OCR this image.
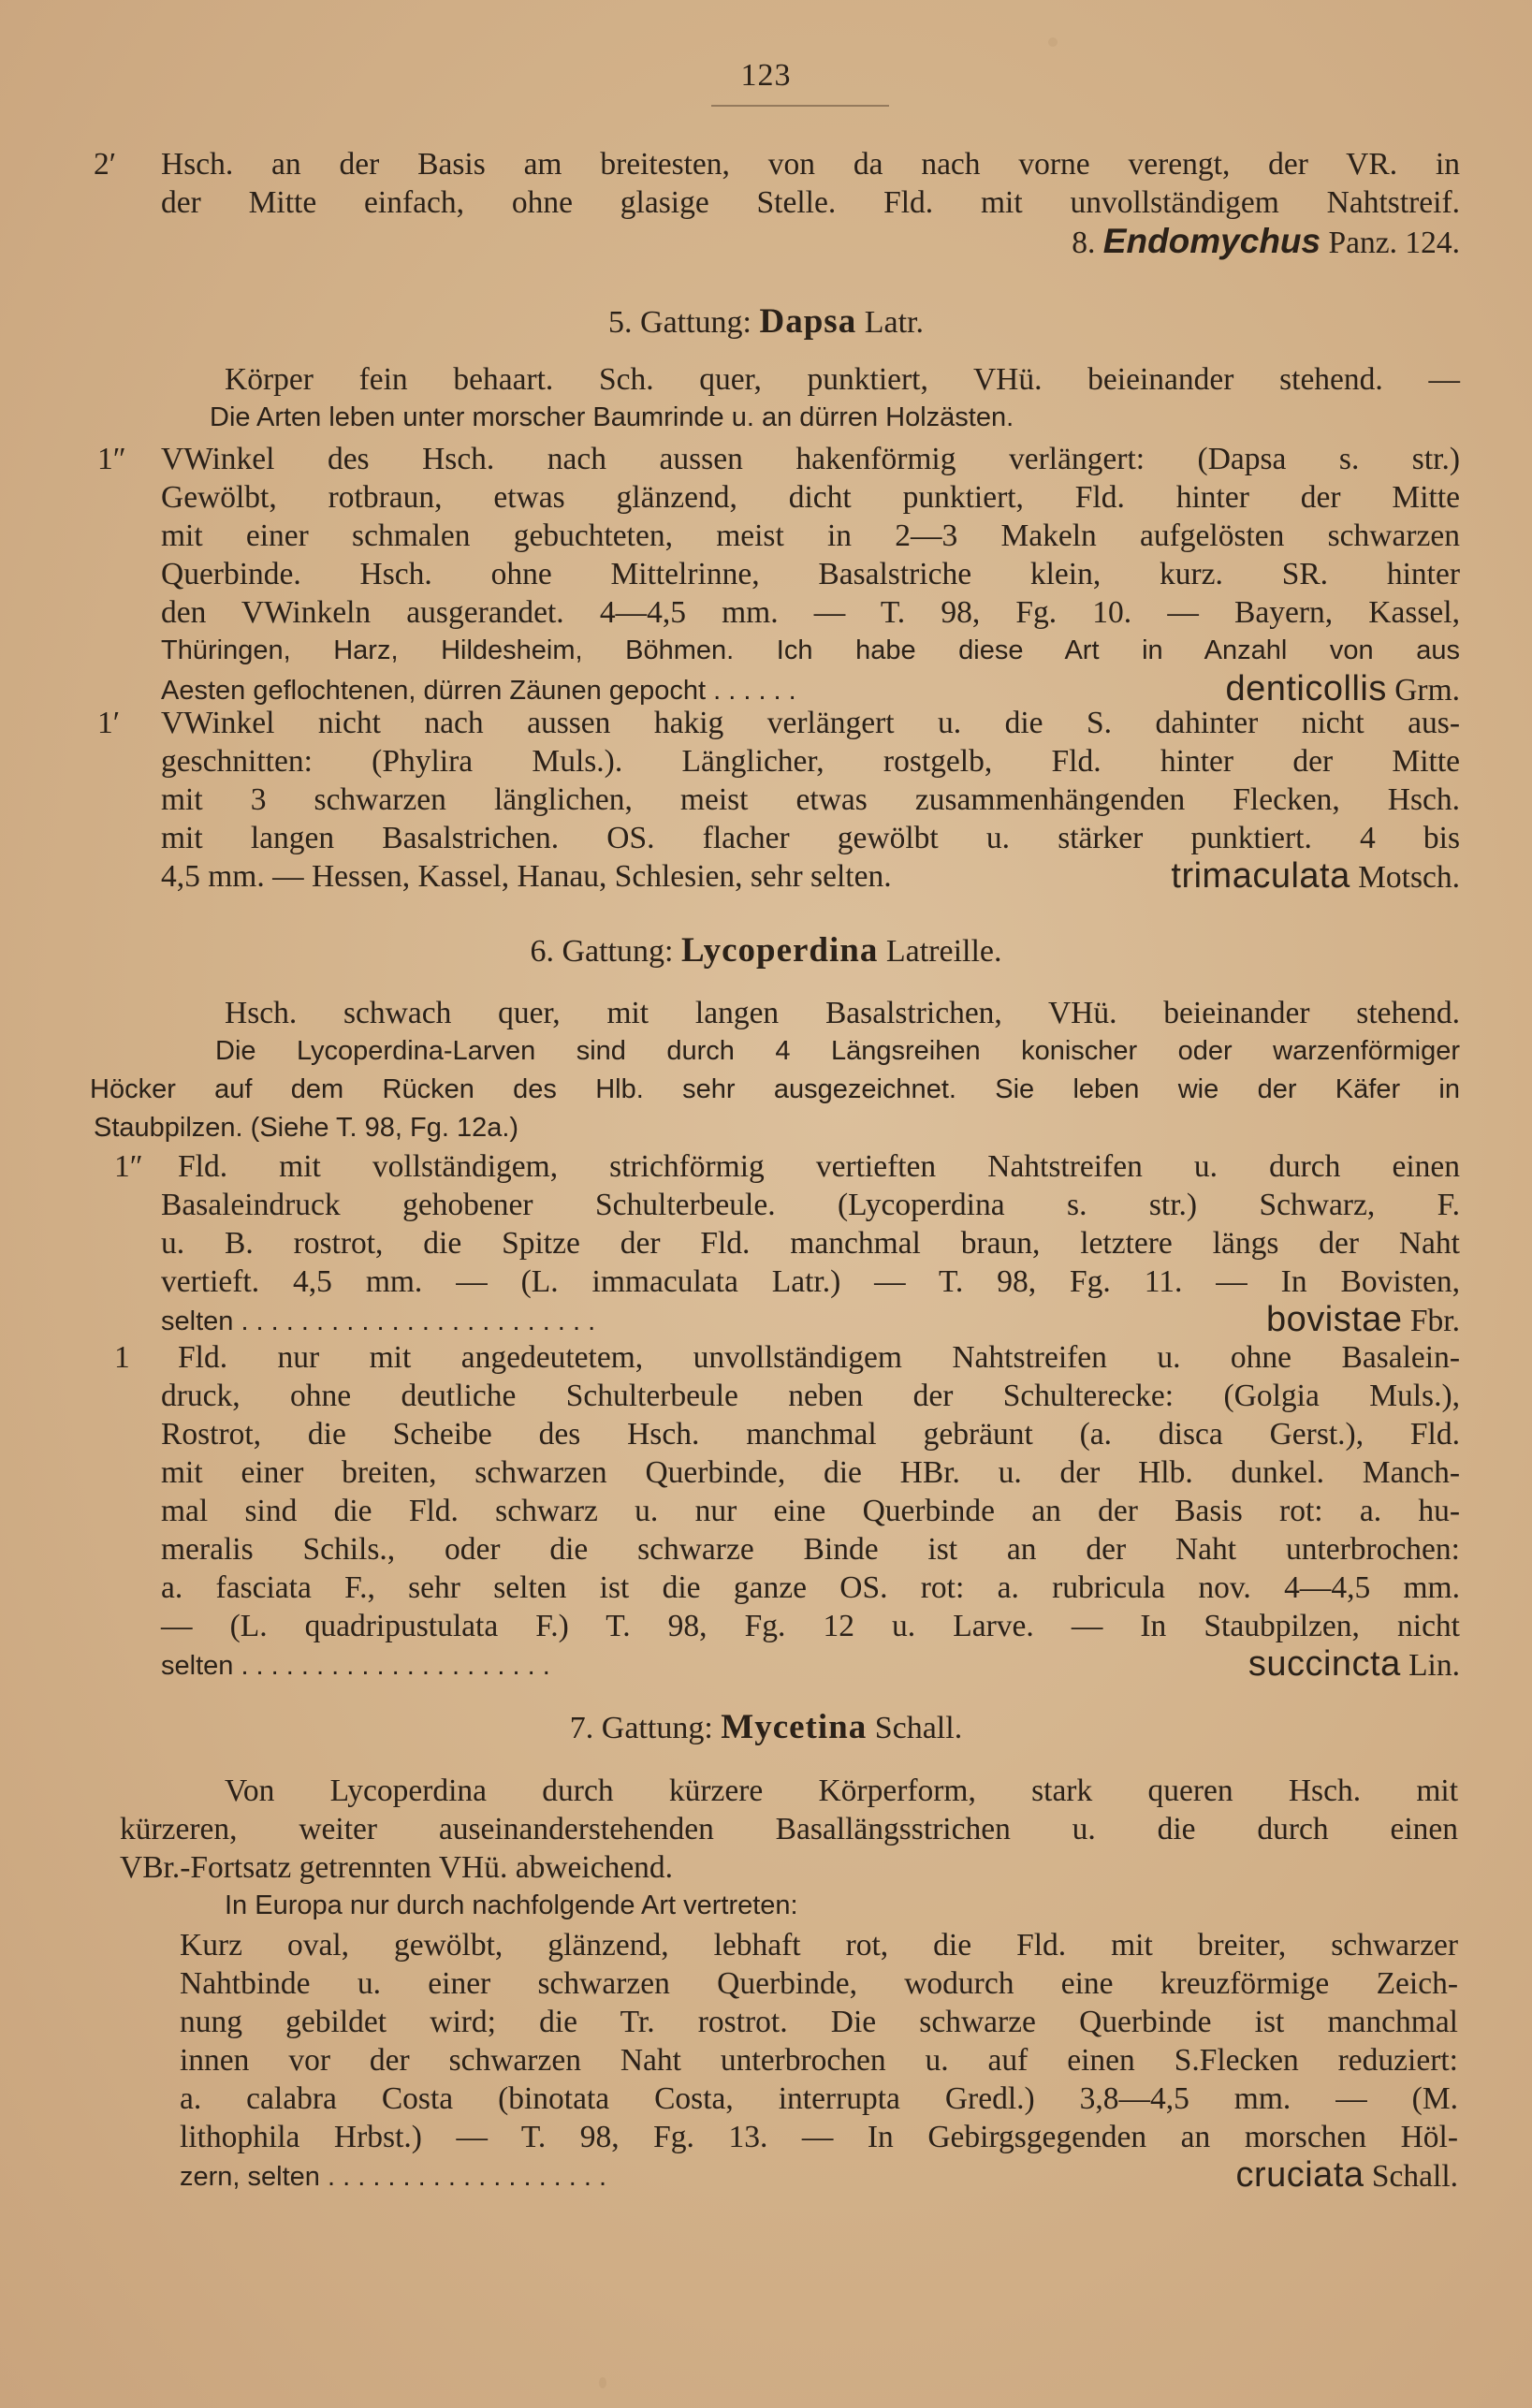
123
2′	Hsch. an der Basis am breitesten, von da nach vorne verengt, der VR. in
der Mitte einfach, ohne glasige Stelle. Fld. mit unvollständigem Nahtstreif.
8. Endomychus Panz. 124.
5. Gattung: Dapsa Latr.
Körper fein behaart. Sch. quer, punktiert, VHü. beieinander stehend. —
Die Arten leben unter morscher Baumrinde u. an dürren Holzästen.
1″	VWinkel des Hsch. nach aussen hakenförmig verlängert: (Dapsa s. str.)
Gewölbt, rotbraun, etwas glänzend, dicht punktiert, Fld. hinter der Mitte
mit einer schmalen gebuchteten, meist in 2—3 Makeln aufgelösten schwarzen
Querbinde. Hsch. ohne Mittelrinne, Basalstriche klein, kurz. SR. hinter
den VWinkeln ausgerandet. 4—4,5 mm. — T. 98, Fg. 10. — Bayern, Kassel,
Thüringen, Harz, Hildesheim, Böhmen. Ich habe diese Art in Anzahl von aus
Aesten geflochtenen, dürren Zäunen gepocht . . . . . .	denticollis Grm.
1′	VWinkel nicht nach aussen hakig verlängert u. die S. dahinter nicht aus-
geschnitten: (Phylira Muls.). Länglicher, rostgelb, Fld. hinter der Mitte
mit 3 schwarzen länglichen, meist etwas zusammenhängenden Flecken, Hsch.
mit langen Basalstrichen. OS. flacher gewölbt u. stärker punktiert. 4 bis
4,5 mm. — Hessen, Kassel, Hanau, Schlesien, sehr selten.	trimaculata Motsch.
6. Gattung: Lycoperdina Latreille.
Hsch. schwach quer, mit langen Basalstrichen, VHü. beieinander stehend.
Die Lycoperdina-Larven sind durch 4 Längsreihen konischer oder warzenförmiger
Höcker auf dem Rücken des Hlb. sehr ausgezeichnet. Sie leben wie der Käfer in
Staubpilzen. (Siehe T. 98, Fg. 12a.)
1″	Fld. mit vollständigem, strichförmig vertieften Nahtstreifen u. durch einen
Basaleindruck gehobener Schulterbeule. (Lycoperdina s. str.) Schwarz, F.
u. B. rostrot, die Spitze der Fld. manchmal braun, letztere längs der Naht
vertieft. 4,5 mm. — (L. immaculata Latr.) — T. 98, Fg. 11. — In Bovisten,
selten . . . . . . . . . . . . . . . . . . . . . . . .	bovistae Fbr.
1	Fld. nur mit angedeutetem, unvollständigem Nahtstreifen u. ohne Basalein-
druck, ohne deutliche Schulterbeule neben der Schulterecke: (Golgia Muls.),
Rostrot, die Scheibe des Hsch. manchmal gebräunt (a. disca Gerst.), Fld.
mit einer breiten, schwarzen Querbinde, die HBr. u. der Hlb. dunkel. Manch-
mal sind die Fld. schwarz u. nur eine Querbinde an der Basis rot: a. hu-
meralis Schils., oder die schwarze Binde ist an der Naht unterbrochen:
a. fasciata F., sehr selten ist die ganze OS. rot: a. rubricula nov. 4—4,5 mm.
— (L. quadripustulata F.) T. 98, Fg. 12 u. Larve. — In Staubpilzen, nicht
selten . . . . . . . . . . . . . . . . . . . . .	succincta Lin.
7. Gattung: Mycetina Schall.
Von Lycoperdina durch kürzere Körperform, stark queren Hsch. mit
kürzeren, weiter auseinanderstehenden Basallängsstrichen u. die durch einen
VBr.-Fortsatz getrennten VHü. abweichend.
In Europa nur durch nachfolgende Art vertreten:
Kurz oval, gewölbt, glänzend, lebhaft rot, die Fld. mit breiter, schwarzer
Nahtbinde u. einer schwarzen Querbinde, wodurch eine kreuzförmige Zeich-
nung gebildet wird; die Tr. rostrot. Die schwarze Querbinde ist manchmal
innen vor der schwarzen Naht unterbrochen u. auf einen S.Flecken reduziert:
a. calabra Costa (binotata Costa, interrupta Gredl.) 3,8—4,5 mm. — (M.
lithophila Hrbst.) — T. 98, Fg. 13. — In Gebirgsgegenden an morschen Höl-
zern, selten . . . . . . . . . . . . . . . . . . .	cruciata Schall.
